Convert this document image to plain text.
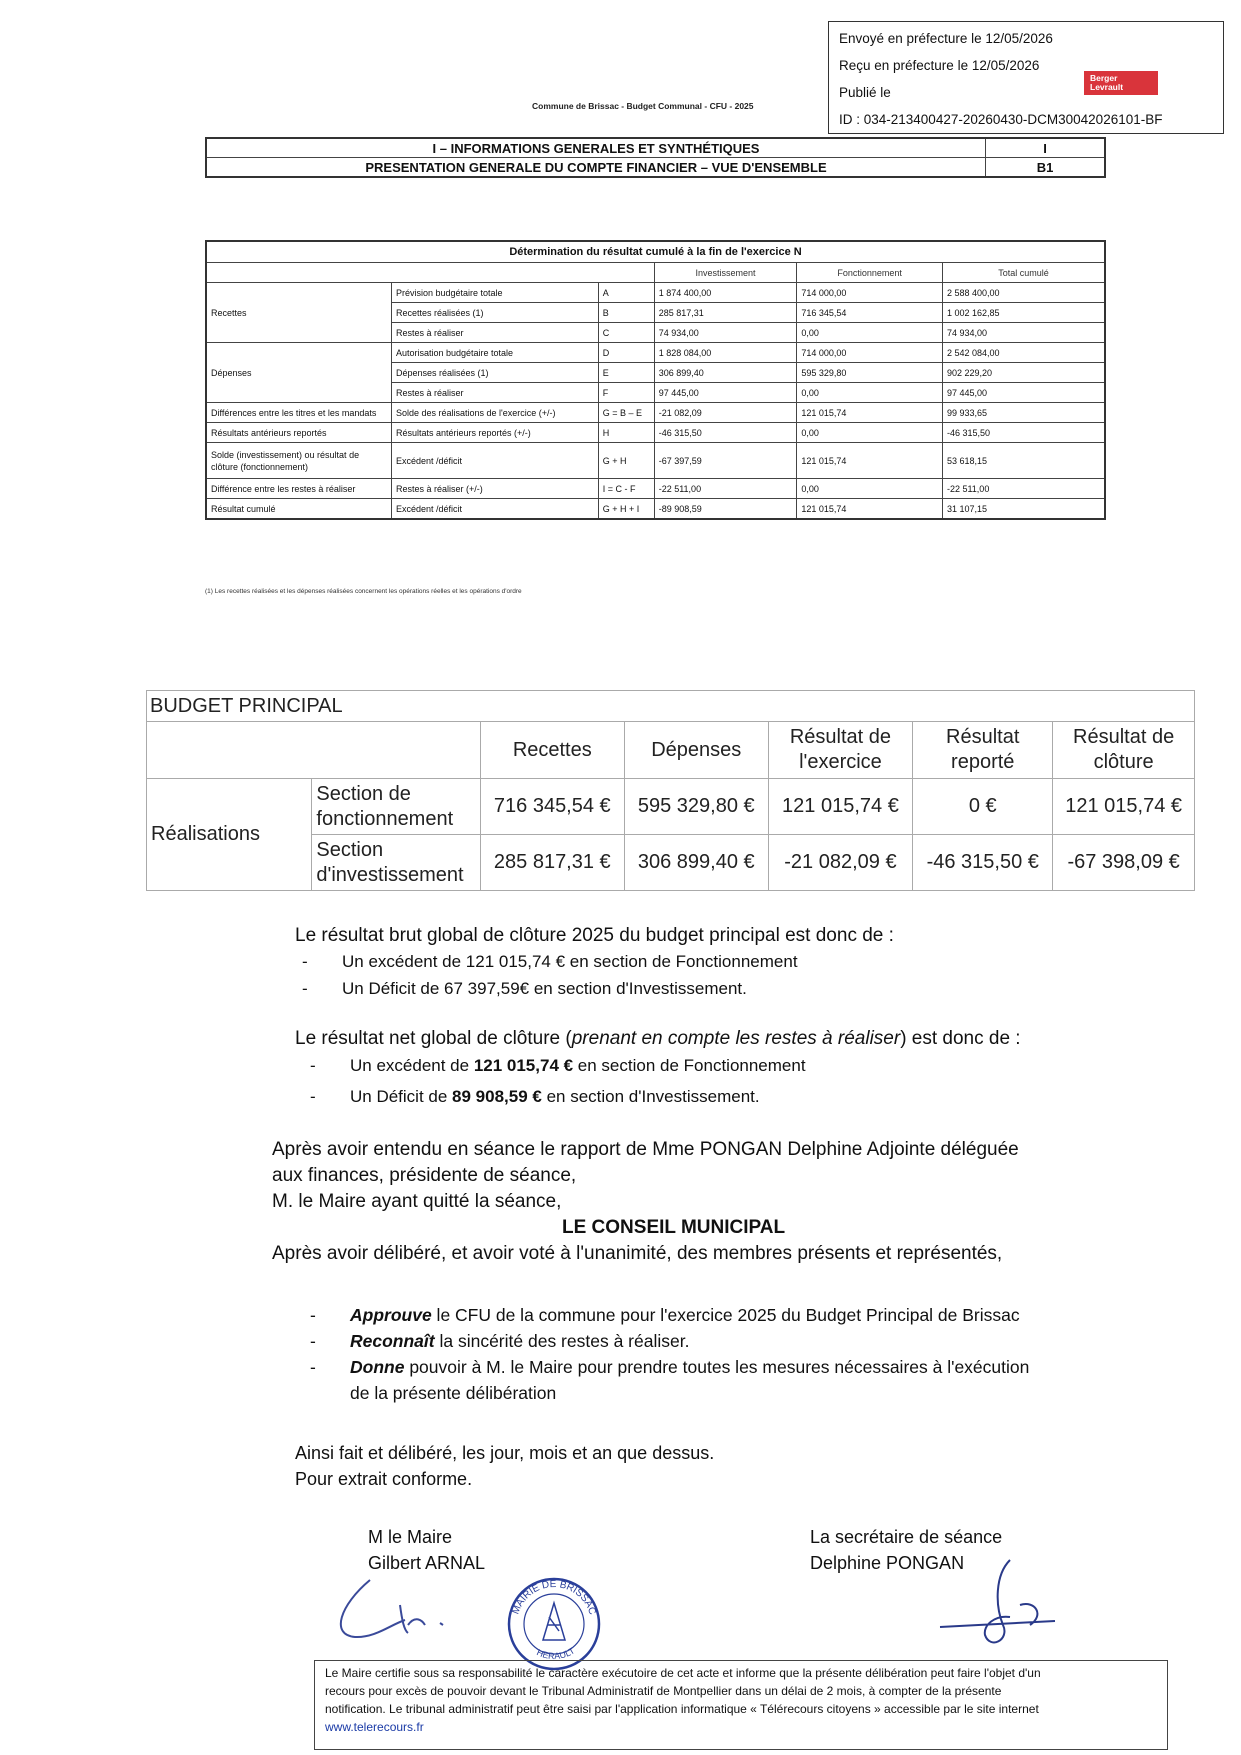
Envoyé en préfecture le 12/05/2026
Reçu en préfecture le 12/05/2026
Publié le
ID : 034-213400427-20260430-DCM30042026101-BF
Berger
Levrault
Commune de Brissac - Budget Communal - CFU - 2025
I – INFORMATIONS GENERALES ET SYNTHÉTIQUES	I
PRESENTATION GENERALE DU COMPTE FINANCIER – VUE D'ENSEMBLE	B1
Détermination du résultat cumulé à la fin de l'exercice N					
			Investissement	Fonctionnement	Total cumulé
Recettes	Prévision budgétaire totale	A	1 874 400,00	714 000,00	2 588 400,00
	Recettes réalisées (1)	B	285 817,31	716 345,54	1 002 162,85
	Restes à réaliser	C	74 934,00	0,00	74 934,00
Dépenses	Autorisation budgétaire totale	D	1 828 084,00	714 000,00	2 542 084,00
	Dépenses réalisées (1)	E	306 899,40	595 329,80	902 229,20
	Restes à réaliser	F	97 445,00	0,00	97 445,00
Différences entre les titres et les mandats	Solde des réalisations de l'exercice (+/-)	G = B – E	-21 082,09	121 015,74	99 933,65
Résultats antérieurs reportés	Résultats antérieurs reportés (+/-)	H	-46 315,50	0,00	-46 315,50
Solde (investissement) ou résultat de clôture (fonctionnement)	Excédent /déficit	G + H	-67 397,59	121 015,74	53 618,15
Différence entre les restes à réaliser	Restes à réaliser (+/-)	I = C - F	-22 511,00	0,00	-22 511,00
Résultat cumulé	Excédent /déficit	G + H + I	-89 908,59	121 015,74	31 107,15
(1) Les recettes réalisées et les dépenses réalisées concernent les opérations réelles et les opérations d'ordre
BUDGET PRINCIPAL						
		Recettes	Dépenses	Résultat de l'exercice	Résultat reporté	Résultat de clôture
Réalisations	Section de fonctionnement	716 345,54 €	595 329,80 €	121 015,74 €	0 €	121 015,74 €
	Section d'investissement	285 817,31 €	306 899,40 €	-21 082,09 €	-46 315,50 €	-67 398,09 €
Le résultat brut global de clôture 2025 du budget principal est donc de :
- Un excédent de 121 015,74 € en section de Fonctionnement
- Un Déficit de 67 397,59€ en section d'Investissement.
Le résultat net global de clôture (prenant en compte les restes à réaliser) est donc de :
- Un excédent de 121 015,74 € en section de Fonctionnement
- Un Déficit de 89 908,59 € en section d'Investissement.
Après avoir entendu en séance le rapport de Mme PONGAN Delphine Adjointe déléguée
aux finances, présidente de séance,
M. le Maire ayant quitté la séance,
LE CONSEIL MUNICIPAL
Après avoir délibéré, et avoir voté à l'unanimité, des membres présents et représentés,
- Approuve le CFU de la commune pour l'exercice 2025 du Budget Principal de Brissac
- Reconnaît la sincérité des restes à réaliser.
- Donne pouvoir à M. le Maire pour prendre toutes les mesures nécessaires à l'exécution
de la présente délibération
Ainsi fait et délibéré, les jour, mois et an que dessus.
Pour extrait conforme.
M le Maire
Gilbert ARNAL
La secrétaire de séance
Delphine PONGAN
MAIRIE DE BRISSAC
HERAULT
Le Maire certifie sous sa responsabilité le caractère exécutoire de cet acte et informe que la présente délibération peut faire l'objet d'un
recours pour excès de pouvoir devant le Tribunal Administratif de Montpellier dans un délai de 2 mois, à compter de la présente
notification. Le tribunal administratif peut être saisi par l'application informatique « Télérecours citoyens » accessible par le site internet
www.telerecours.fr
